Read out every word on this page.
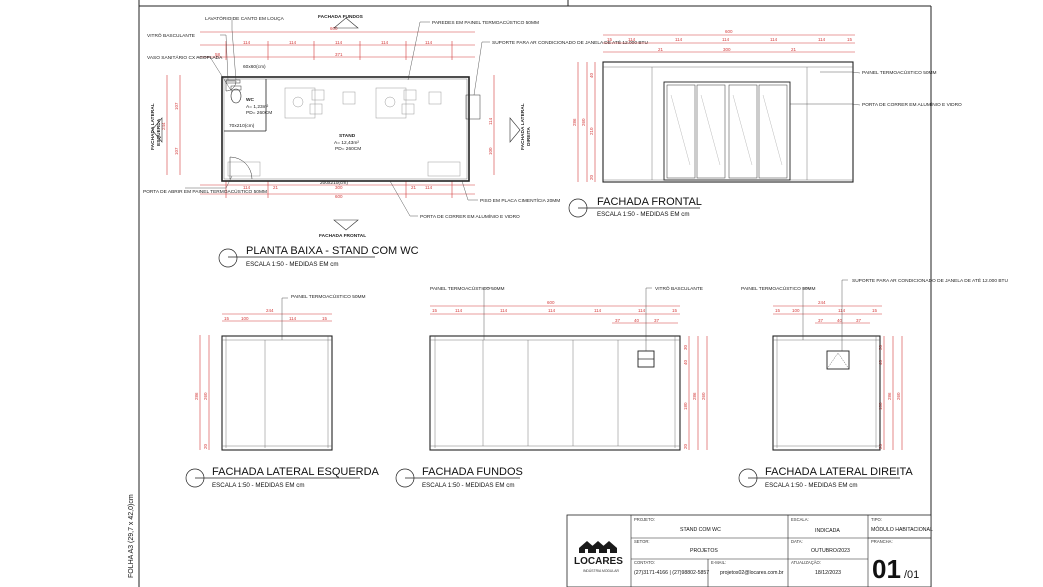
FOLHA A3 (29,7 x 42,0)cm
600
114	114	114	114	114
58	371
114	21	300	21 114
600
244
107
107
114
100
WC
A= 1,23m²
PD= 260CM
70x210(cm)
STAND
A= 12,43m²
PD= 260CM
200x210(cm)
60x60(cm)
FACHADA FUNDOS
FACHADA FRONTAL
FACHADA LATERAL ESQUERDA	FACHADA LATERAL DIREITA
LAVATÓRIO DE CANTO EM LOUÇA
VITRÔ BASCULANTE
VASO SANITÁRIO CX ACOPLADA
PAREDES EM PAINEL TERMOACÚSTICO 50MM
SUPORTE PARA AR CONDICIONADO DE JANELA DE ATÉ 12.000 BTU
PORTA DE ABRIR EM PAINEL TERMOACÚSTICO 50MM
PISO EM PLACA CIMENTÍCIA 20MM
PORTA DE CORRER EM ALUMÍNIO E VIDRO
PLANTA BAIXA - STAND COM WC
ESCALA 1:50 - MEDIDAS EM cm
600
114	114	114	114	114
15	15
21	300	21
286 260
210
40
20
PAINEL TERMOACÚSTICO 50MM
PORTA DE CORRER EM ALUMÍNIO E VIDRO
FACHADA FRONTAL
ESCALA 1:50 - MEDIDAS EM cm
244
100	114
15	15
286 260
20
PAINEL TERMOACÚSTICO 50MM
FACHADA LATERAL ESQUERDA
ESCALA 1:50 - MEDIDAS EM cm
600
114	114	114	114	114
15	15
37	40	37
30
40
180
286 260
20
PAINEL TERMOACÚSTICO 50MM	VITRÔ BASCULANTE
FACHADA FUNDOS
ESCALA 1:50 - MEDIDAS EM cm
244
100	114
15	15
37	40	37
30
40
180
286 260
20
PAINEL TERMOACÚSTICO 50MM
SUPORTE PARA AR CONDICIONADO DE JANELA DE ATÉ 12.000 BTU
FACHADA LATERAL DIREITA
ESCALA 1:50 - MEDIDAS EM cm
LOCARES
INDÚSTRIA MODULAR
PROJETO:
STAND COM WC
ESCALA:
INDICADA
TIPO:
MÓDULO HABITACIONAL
SETOR:
PROJETOS
DATA:
OUTUBRO/2023
PRANCHA:
01 /01
CONTATO:
(27)3171-4166 | (27)98802-5857
E-MAIL:
projetos02@locares.com.br
ATUALIZAÇÃO:
18/12/2023
